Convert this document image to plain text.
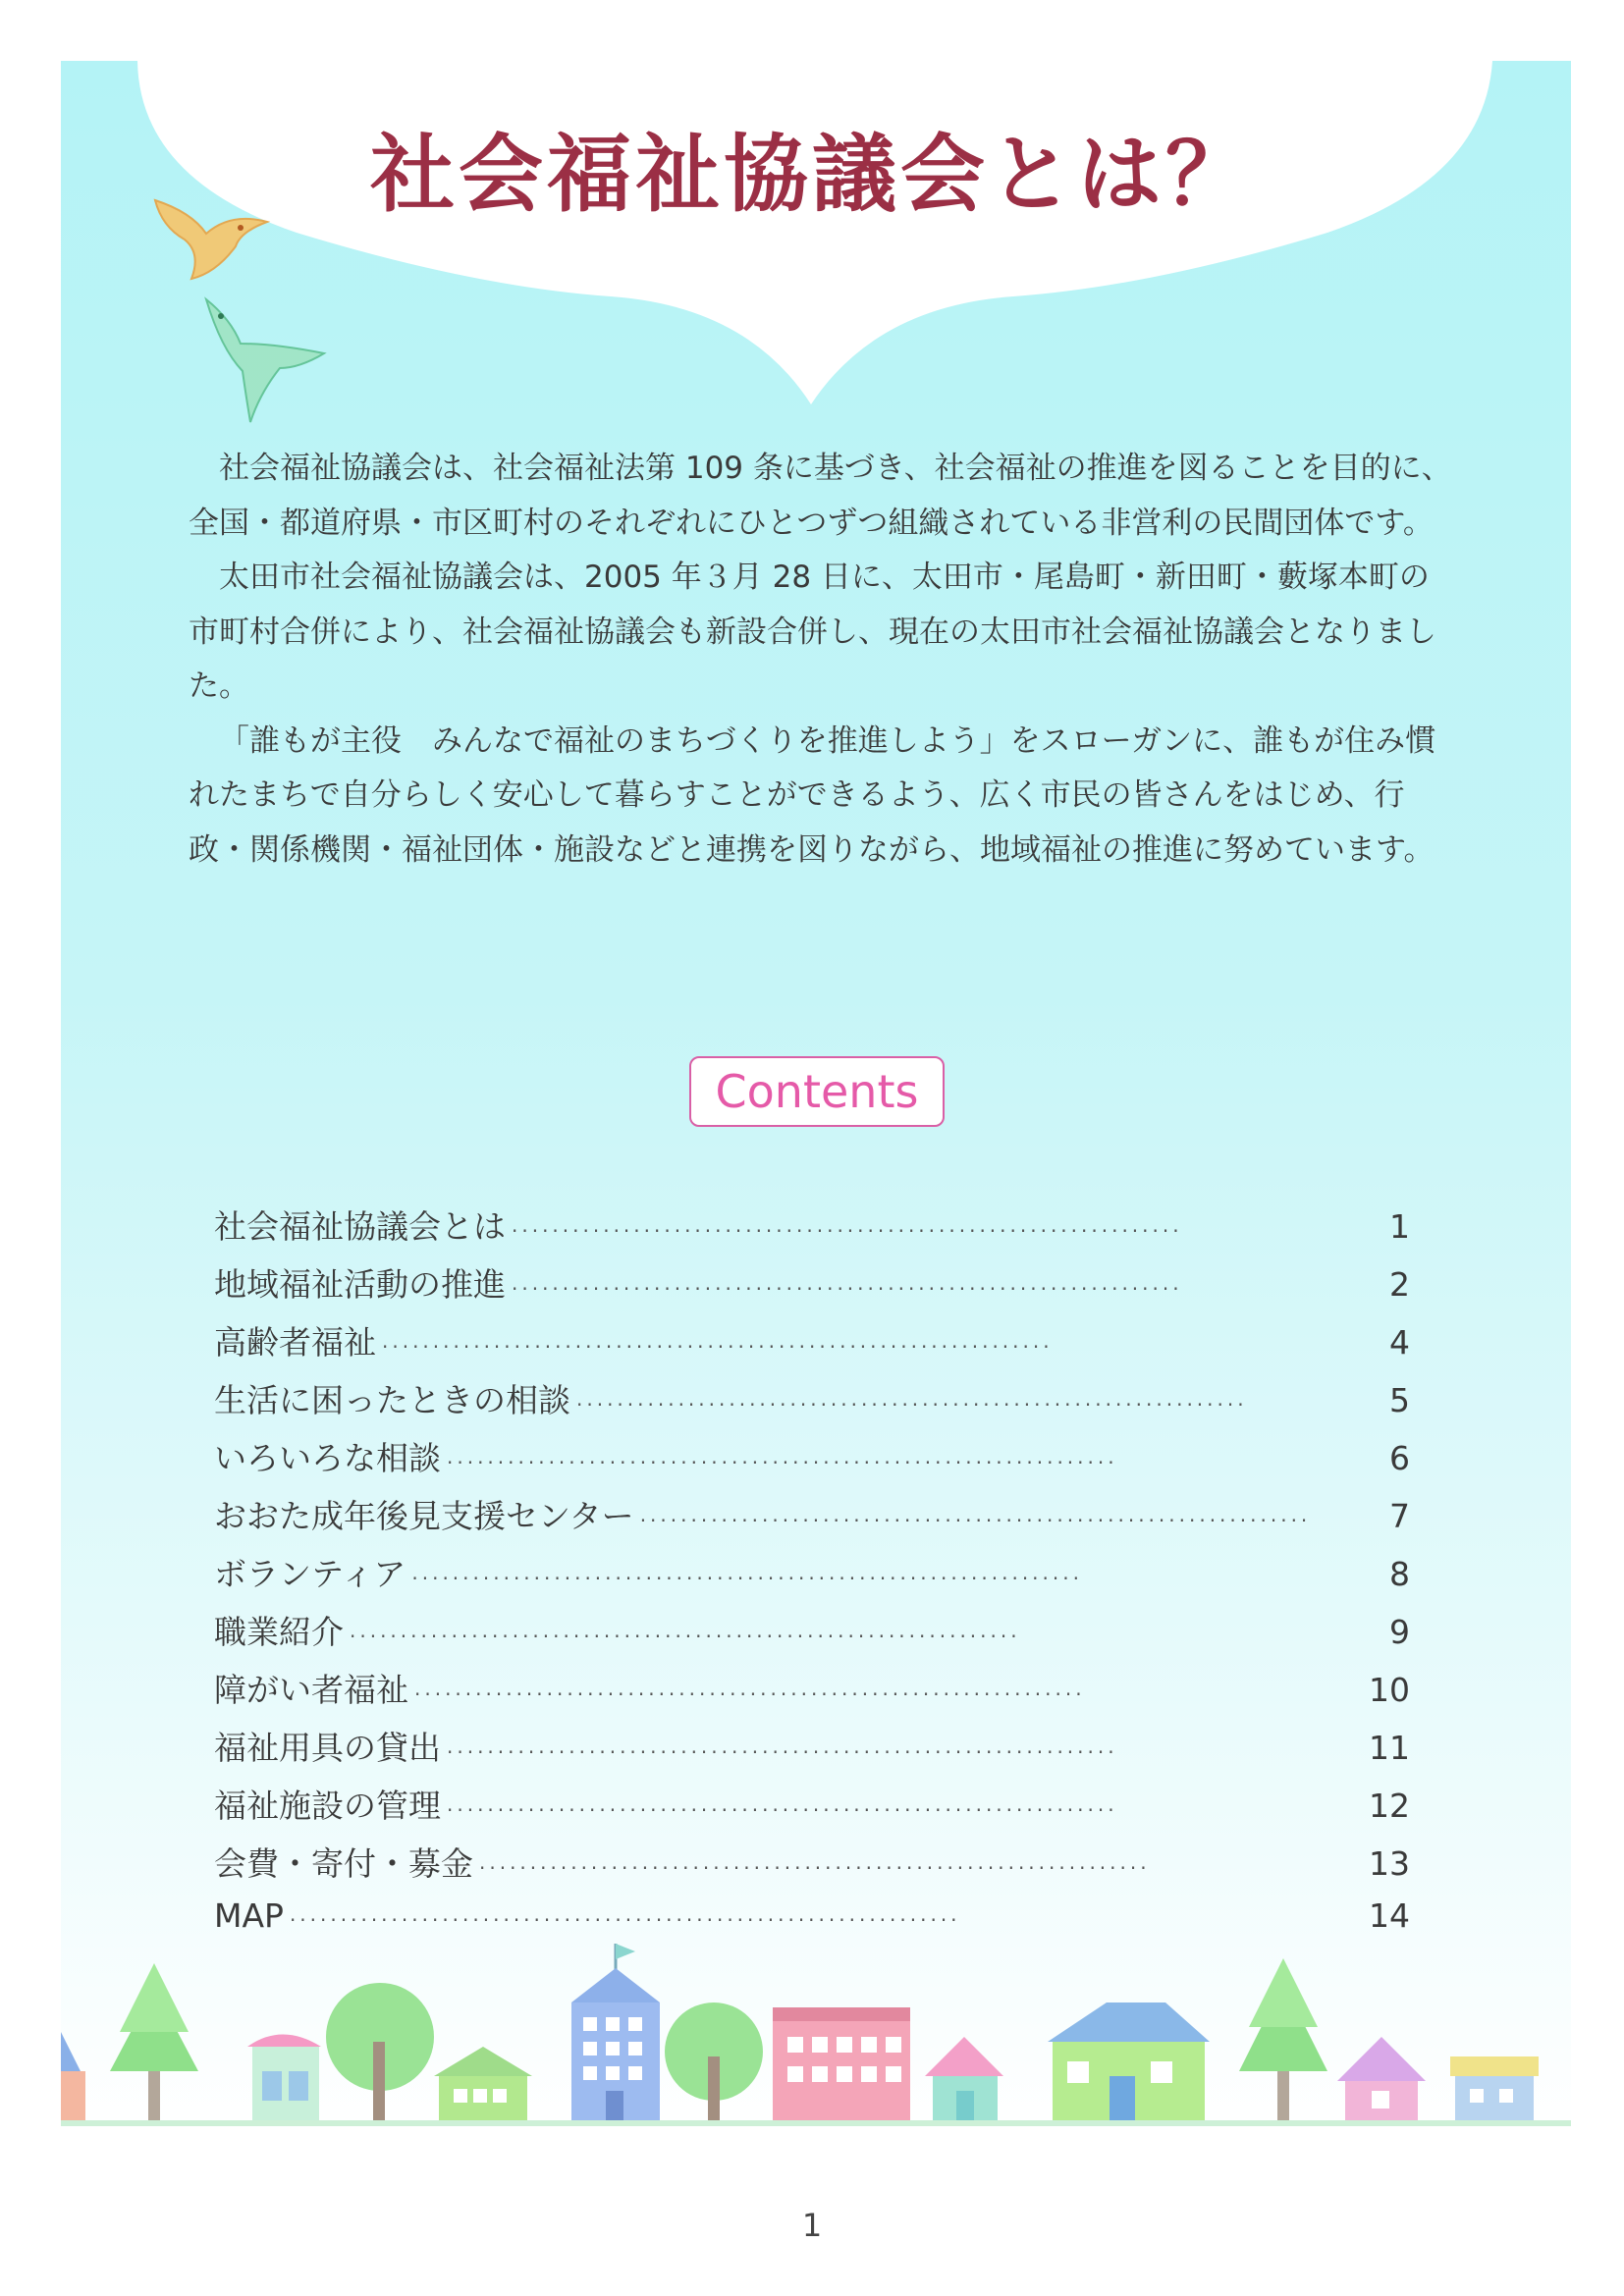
社会福祉協議会とは？

社会福祉協議会は、社会福祉法第 109 条に基づき、社会福祉の推進を図ることを目的に、全国・都道府県・市区町村のそれぞれにひとつずつ組織されている非営利の民間団体です。

太田市社会福祉協議会は、2005 年３月 28 日に、太田市・尾島町・新田町・藪塚本町の市町村合併により、社会福祉協議会も新設合併し、現在の太田市社会福祉協議会となりました。

「誰もが主役　みんなで福祉のまちづくりを推進しよう」をスローガンに、誰もが住み慣れたまちで自分らしく安心して暮らすことができるよう、広く市民の皆さんをはじめ、行政・関係機関・福祉団体・施設などと連携を図りながら、地域福祉の推進に努めています。

Contents
社会福祉協議会とは ··································································	1
地域福祉活動の推進 ··································································	2
高齢者福祉 ··································································	4
生活に困ったときの相談 ··································································	5
いろいろな相談 ··································································	6
おおた成年後見支援センター ··································································	7
ボランティア ··································································	8
職業紹介 ··································································	9
障がい者福祉 ··································································	10
福祉用具の貸出 ··································································	11
福祉施設の管理 ··································································	12
会費・寄付・募金 ··································································	13
MAP ··································································	14
1
